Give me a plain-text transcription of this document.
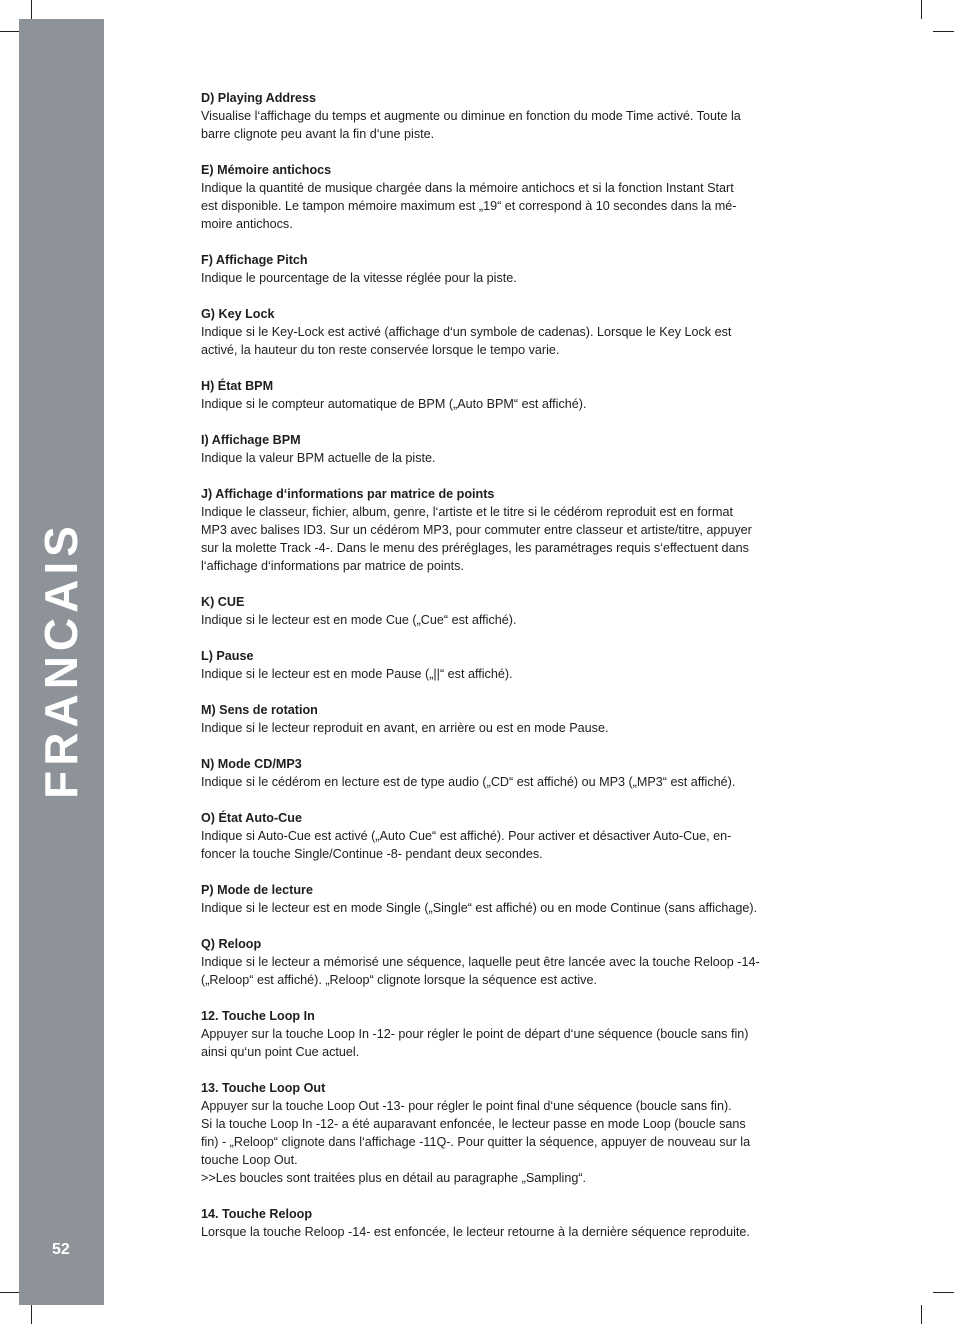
FRANCAIS
52
D) Playing Address

Visualise l‘affichage du temps et augmente ou diminue en fonction du mode Time activé. Toute la
barre clignote peu avant la fin d‘une piste.

E) Mémoire antichocs

Indique la quantité de musique chargée dans la mémoire antichocs et si la fonction Instant Start
est disponible. Le tampon mémoire maximum est „19“ et correspond à 10 secondes dans la mé-
moire antichocs.

F) Affichage Pitch

Indique le pourcentage de la vitesse réglée pour la piste.

G) Key Lock

Indique si le Key-Lock est activé (affichage d‘un symbole de cadenas). Lorsque le Key Lock est
activé, la hauteur du ton reste conservée lorsque le tempo varie.

H) État BPM

Indique si le compteur automatique de BPM („Auto BPM“ est affiché).

I) Affichage BPM

Indique la valeur BPM actuelle de la piste.

J) Affichage d‘informations par matrice de points

Indique le classeur, fichier, album, genre, l‘artiste et le titre si le cédérom reproduit est en format
MP3 avec balises ID3. Sur un cédérom MP3, pour commuter entre classeur et artiste/titre, appuyer
sur la molette Track -4-. Dans le menu des préréglages, les paramétrages requis s‘effectuent dans
l‘affichage d‘informations par matrice de points.

K) CUE

Indique si le lecteur est en mode Cue („Cue“ est affiché).

L) Pause

Indique si le lecteur est en mode Pause („||“ est affiché).

M) Sens de rotation

Indique si le lecteur reproduit en avant, en arrière ou est en mode Pause.

N) Mode CD/MP3

Indique si le cédérom en lecture est de type audio („CD“ est affiché) ou MP3 („MP3“ est affiché).

O) État Auto-Cue

Indique si Auto-Cue est activé („Auto Cue“ est affiché). Pour activer et désactiver Auto-Cue, en-
foncer la touche Single/Continue -8- pendant deux secondes.

P) Mode de lecture

Indique si le lecteur est en mode Single („Single“ est affiché) ou en mode Continue (sans affichage).

Q) Reloop

Indique si le lecteur a mémorisé une séquence, laquelle peut être lancée avec la touche Reloop -14-
(„Reloop“ est affiché). „Reloop“ clignote lorsque la séquence est active.

12. Touche Loop In

Appuyer sur la touche Loop In -12- pour régler le point de départ d‘une séquence (boucle sans fin)
ainsi qu‘un point Cue actuel.

13. Touche Loop Out

Appuyer sur la touche Loop Out -13- pour régler le point final d‘une séquence (boucle sans fin).
Si la touche Loop In -12- a été auparavant enfoncée, le lecteur passe en mode Loop (boucle sans
fin) - „Reloop“ clignote dans l‘affichage -11Q-. Pour quitter la séquence, appuyer de nouveau sur la
touche Loop Out.
>>Les boucles sont traitées plus en détail au paragraphe „Sampling“.

14. Touche Reloop

Lorsque la touche Reloop -14- est enfoncée, le lecteur retourne à la dernière séquence reproduite.
